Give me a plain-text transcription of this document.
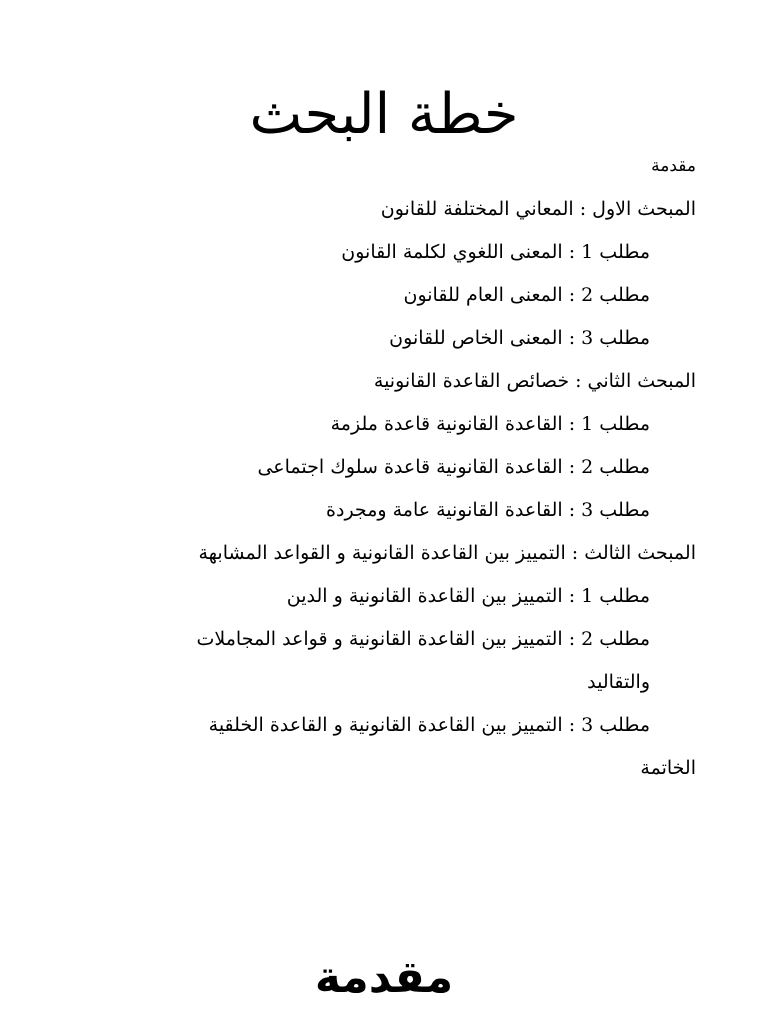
خطة البحث
مقدمة
المبحث الاول : المعاني المختلفة للقانون
مطلب 1 : المعنى اللغوي لكلمة القانون
مطلب 2 : المعنى العام للقانون
مطلب 3 : المعنى الخاص للقانون
المبحث الثاني : خصائص القاعدة القانونية
مطلب 1 : القاعدة القانونية قاعدة ملزمة
مطلب 2 : القاعدة القانونية قاعدة سلوك اجتماعى
مطلب 3 : القاعدة القانونية عامة ومجردة
المبحث الثالث : التمييز بين القاعدة القانونية و القواعد المشابهة
مطلب 1 : التمييز بين القاعدة القانونية و الدين
مطلب 2 : التمييز بين القاعدة القانونية و قواعد المجاملات والتقاليد
مطلب 3 : التمييز بين القاعدة القانونية و القاعدة الخلقية
الخاتمة
مقدمة
